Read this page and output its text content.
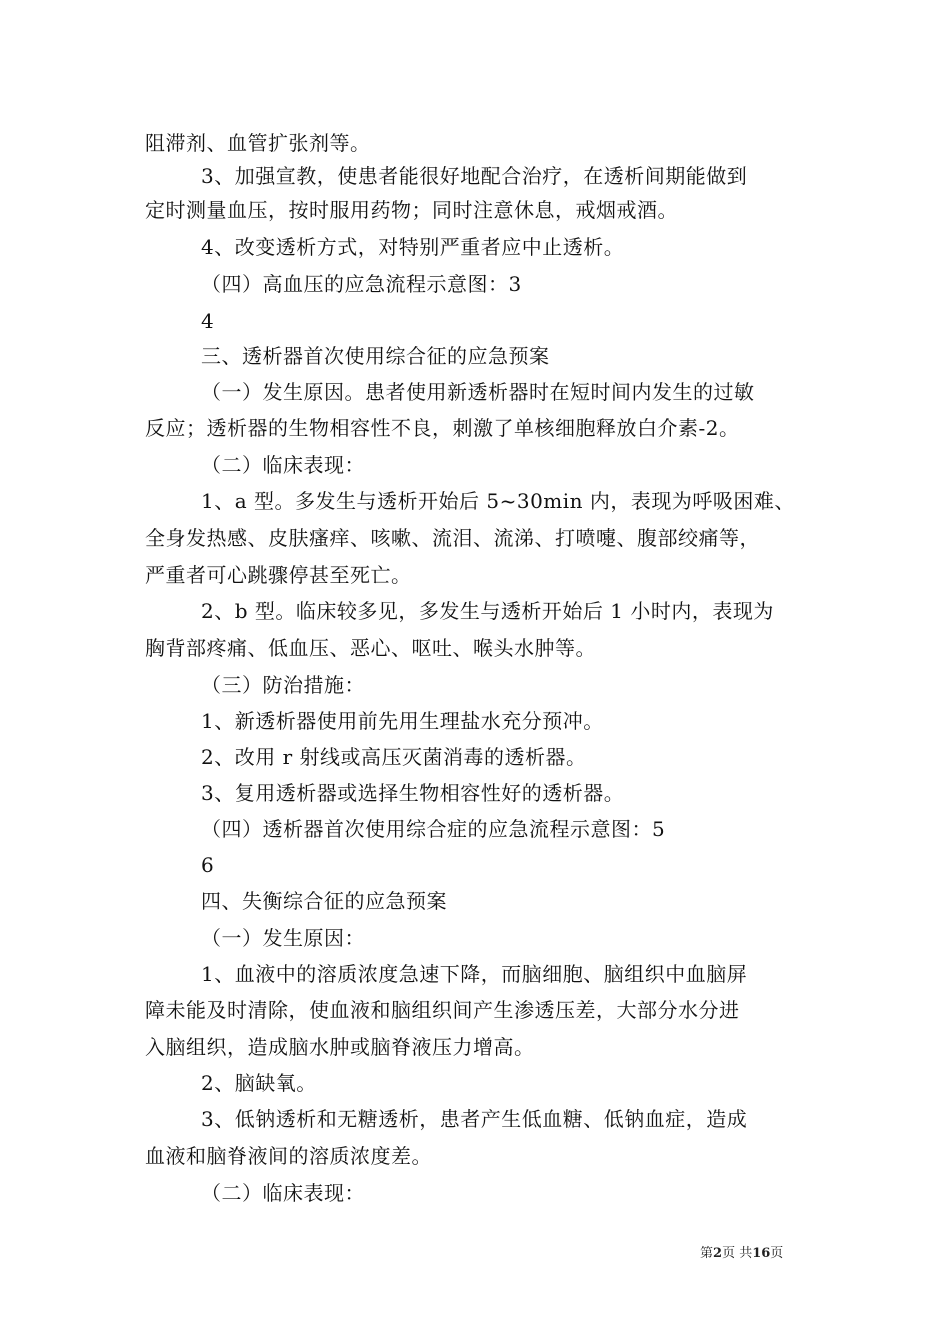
阻滞剂、血管扩张剂等。
3、加强宣教，使患者能很好地配合治疗，在透析间期能做到
定时测量血压，按时服用药物；同时注意休息，戒烟戒酒。
4、改变透析方式，对特别严重者应中止透析。
（四）高血压的应急流程示意图：3
4
三、透析器首次使用综合征的应急预案
（一）发生原因。患者使用新透析器时在短时间内发生的过敏
反应；透析器的生物相容性不良，刺激了单核细胞释放白介素-2。
（二）临床表现：
1、a 型。多发生与透析开始后 5~30min 内，表现为呼吸困难、
全身发热感、皮肤瘙痒、咳嗽、流泪、流涕、打喷嚏、腹部绞痛等，
严重者可心跳骤停甚至死亡。
2、b 型。临床较多见，多发生与透析开始后 1 小时内，表现为
胸背部疼痛、低血压、恶心、呕吐、喉头水肿等。
（三）防治措施：
1、新透析器使用前先用生理盐水充分预冲。
2、改用 r 射线或高压灭菌消毒的透析器。
3、复用透析器或选择生物相容性好的透析器。
（四）透析器首次使用综合症的应急流程示意图：5
6
四、失衡综合征的应急预案
（一）发生原因：
1、血液中的溶质浓度急速下降，而脑细胞、脑组织中血脑屏
障未能及时清除，使血液和脑组织间产生渗透压差，大部分水分进
入脑组织，造成脑水肿或脑脊液压力增高。
2、脑缺氧。
3、低钠透析和无糖透析，患者产生低血糖、低钠血症，造成
血液和脑脊液间的溶质浓度差。
（二）临床表现：
第2页 共16页
